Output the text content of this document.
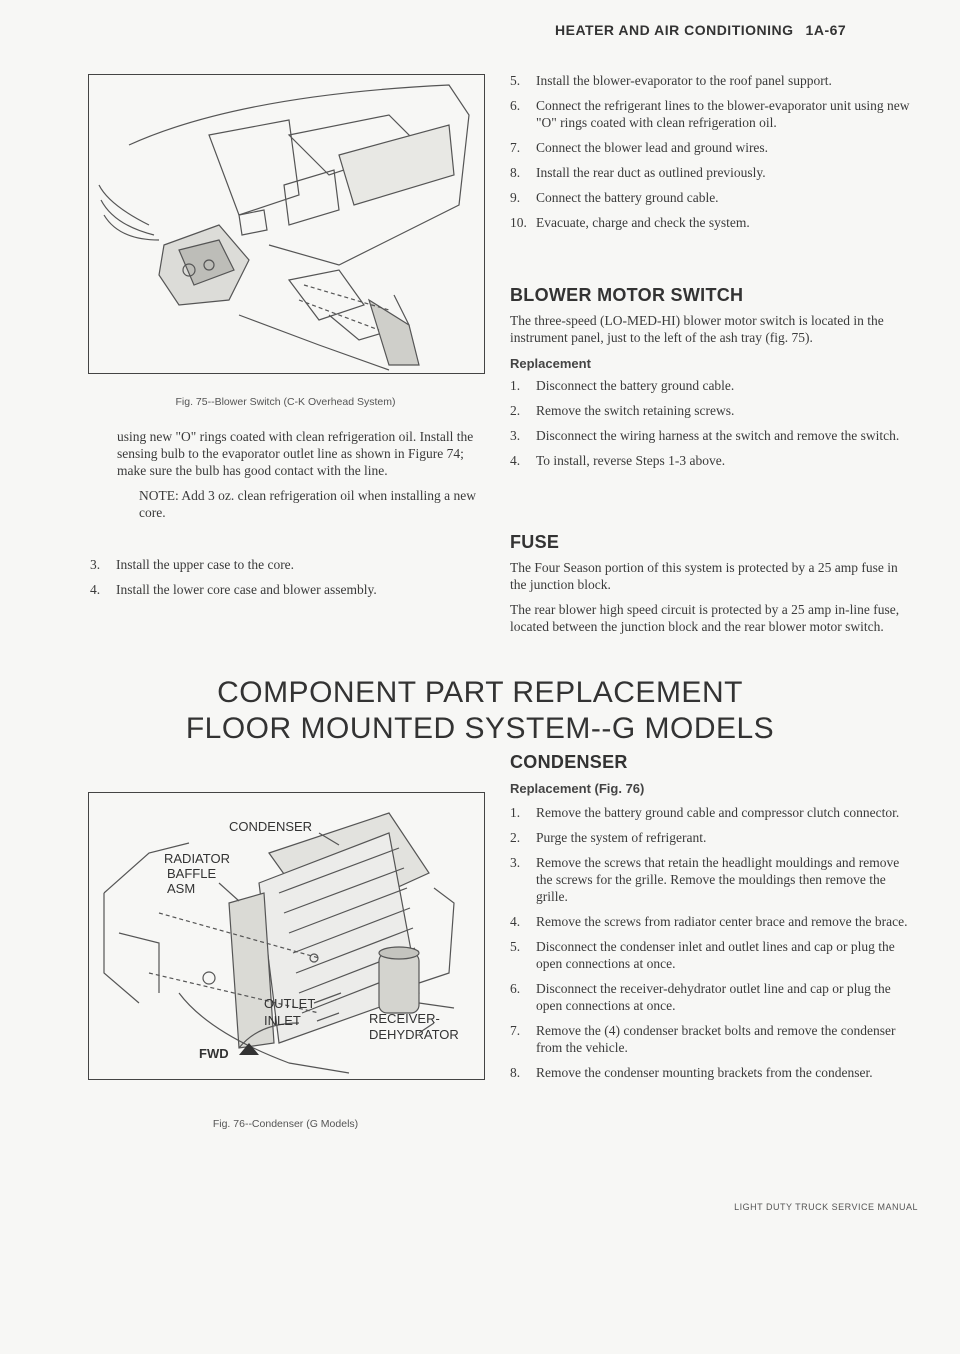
HEATER AND AIR CONDITIONING 1A-67
Fig. 75--Blower Switch (C-K Overhead System)

using new "O" rings coated with clean refrigeration oil. Install the sensing bulb to the evaporator outlet line as shown in Figure 74; make sure the bulb has good contact with the line.

NOTE: Add 3 oz. clean refrigeration oil when installing a new core.

3.	Install the upper case to the core.
4.	Install the lower core case and blower assembly.
5.	Install the blower-evaporator to the roof panel support.
6.	Connect the refrigerant lines to the blower-evaporator unit using new "O" rings coated with clean refrigeration oil.
7.	Connect the blower lead and ground wires.
8.	Install the rear duct as outlined previously.
9.	Connect the battery ground cable.
10. Evacuate, charge and check the system.
BLOWER MOTOR SWITCH

The three-speed (LO-MED-HI) blower motor switch is located in the instrument panel, just to the left of the ash tray (fig. 75).

Replacement
1.	Disconnect the battery ground cable.
2.	Remove the switch retaining screws.
3.	Disconnect the wiring harness at the switch and remove the switch.
4.	To install, reverse Steps 1-3 above.
FUSE

The Four Season portion of this system is protected by a 25 amp fuse in the junction block.

The rear blower high speed circuit is protected by a 25 amp in-line fuse, located between the junction block and the rear blower motor switch.

COMPONENT PART REPLACEMENT
FLOOR MOUNTED SYSTEM--G MODELS
CONDENSER
RADIATOR
BAFFLE
ASM
OUTLET
INLET	RECEIVER-
DEHYDRATOR
FWD
Fig. 76--Condenser (G Models)
CONDENSER
Replacement (Fig. 76)
1.	Remove the battery ground cable and compressor clutch connector.
2.	Purge the system of refrigerant.
3.	Remove the screws that retain the headlight mouldings and remove the screws for the grille. Remove the mouldings then remove the grille.
4.	Remove the screws from radiator center brace and remove the brace.
5.	Disconnect the condenser inlet and outlet lines and cap or plug the open connections at once.
6.	Disconnect the receiver-dehydrator outlet line and cap or plug the open connections at once.
7.	Remove the (4) condenser bracket bolts and remove the condenser from the vehicle.
8.	Remove the condenser mounting brackets from the condenser.
LIGHT DUTY TRUCK SERVICE MANUAL
